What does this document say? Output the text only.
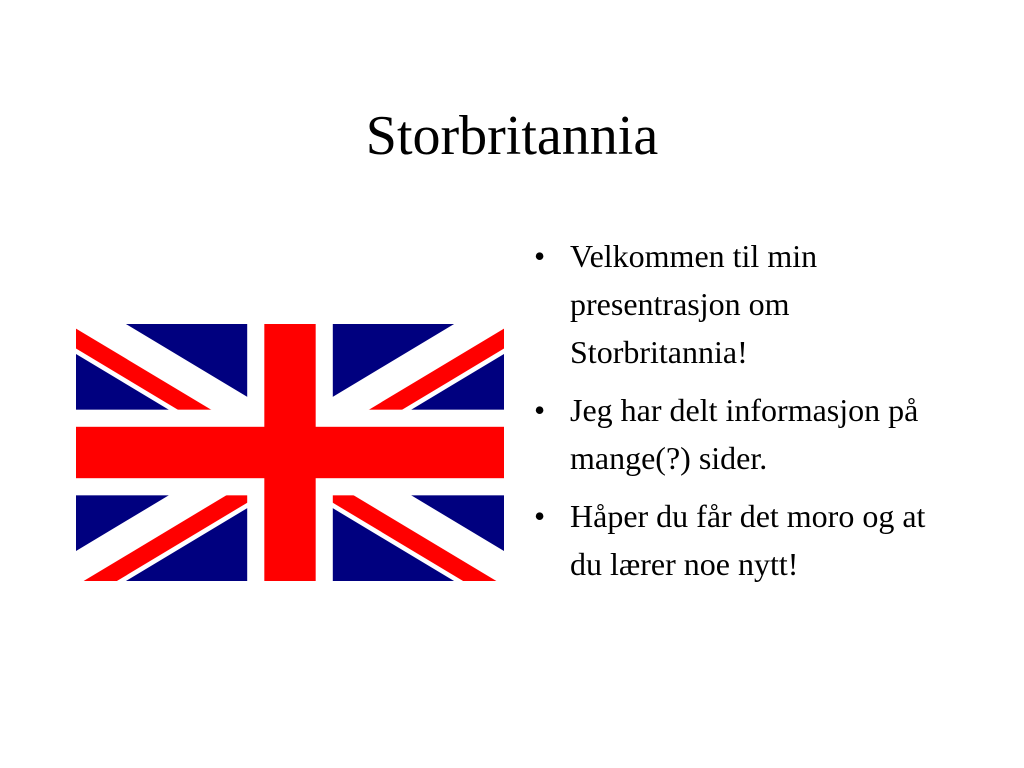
Storbritannia
• Velkommen til min presentrasjon om Storbritannia!
• Jeg har delt informasjon på mange(?) sider.
• Håper du får det moro og at du lærer noe nytt!
